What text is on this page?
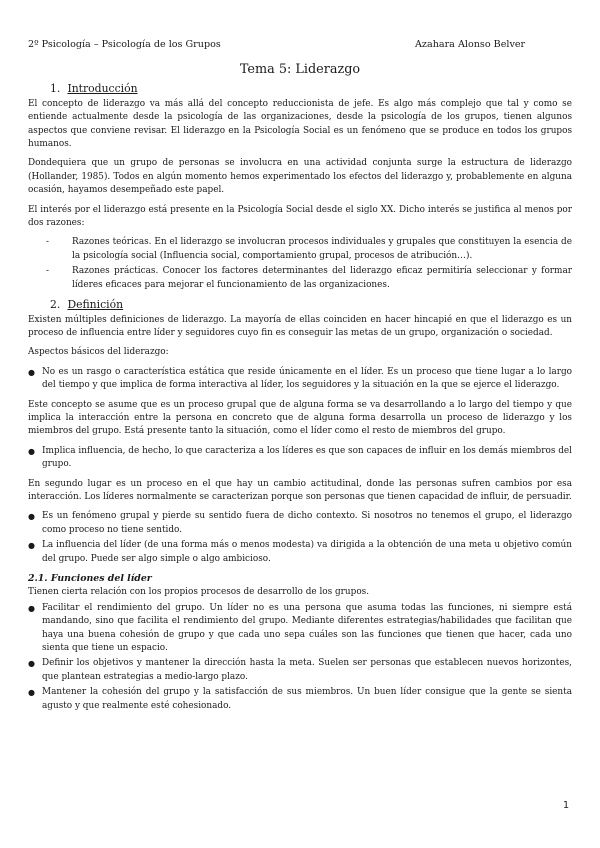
2º Psicología – Psicología de los Grupos	Azahara Alonso Belver
Tema 5: Liderazgo
1. Introducción

El concepto de liderazgo va más allá del concepto reduccionista de jefe. Es algo más complejo que tal y como se entiende actualmente desde la psicología de las organizaciones, desde la psicología de los grupos, tienen algunos aspectos que conviene revisar. El liderazgo en la Psicología Social es un fenómeno que se produce en todos los grupos humanos.

Dondequiera que un grupo de personas se involucra en una actividad conjunta surge la estructura de liderazgo (Hollander, 1985). Todos en algún momento hemos experimentado los efectos del liderazgo y, probablemente en alguna ocasión, hayamos desempeñado este papel.

El interés por el liderazgo está presente en la Psicología Social desde el siglo XX. Dicho interés se justifica al menos por dos razones:

-	Razones teóricas. En el liderazgo se involucran procesos individuales y grupales que constituyen la esencia de la psicología social (Influencia social, comportamiento grupal, procesos de atribución…).
-	Razones prácticas. Conocer los factores determinantes del liderazgo eficaz permitiría seleccionar y formar líderes eficaces para mejorar el funcionamiento de las organizaciones.
2. Definición

Existen múltiples definiciones de liderazgo. La mayoría de ellas coinciden en hacer hincapié en que el liderazgo es un proceso de influencia entre líder y seguidores cuyo fin es conseguir las metas de un grupo, organización o sociedad.

Aspectos básicos del liderazgo:

● No es un rasgo o característica estática que reside únicamente en el líder. Es un proceso que tiene lugar a lo largo del tiempo y que implica de forma interactiva al líder, los seguidores y la situación en la que se ejerce el liderazgo.

Este concepto se asume que es un proceso grupal que de alguna forma se va desarrollando a lo largo del tiempo y que implica la interacción entre la persona en concreto que de alguna forma desarrolla un proceso de liderazgo y los miembros del grupo. Está presente tanto la situación, como el líder como el resto de miembros del grupo.

● Implica influencia, de hecho, lo que caracteriza a los líderes es que son capaces de influir en los demás miembros del grupo.

En segundo lugar es un proceso en el que hay un cambio actitudinal, donde las personas sufren cambios por esa interacción. Los líderes normalmente se caracterizan porque son personas que tienen capacidad de influir, de persuadir.

● Es un fenómeno grupal y pierde su sentido fuera de dicho contexto. Si nosotros no tenemos el grupo, el liderazgo como proceso no tiene sentido.
● La influencia del líder (de una forma más o menos modesta) va dirigida a la obtención de una meta u objetivo común del grupo. Puede ser algo simple o algo ambicioso.
2.1. Funciones del líder

Tienen cierta relación con los propios procesos de desarrollo de los grupos.

● Facilitar el rendimiento del grupo. Un líder no es una persona que asuma todas las funciones, ni siempre está mandando, sino que facilita el rendimiento del grupo. Mediante diferentes estrategias/habilidades que facilitan que haya una buena cohesión de grupo y que cada uno sepa cuáles son las funciones que tienen que hacer, cada uno sienta que tiene un espacio.
● Definir los objetivos y mantener la dirección hasta la meta. Suelen ser personas que establecen nuevos horizontes, que plantean estrategias a medio-largo plazo.
● Mantener la cohesión del grupo y la satisfacción de sus miembros. Un buen líder consigue que la gente se sienta agusto y que realmente esté cohesionado.
1
